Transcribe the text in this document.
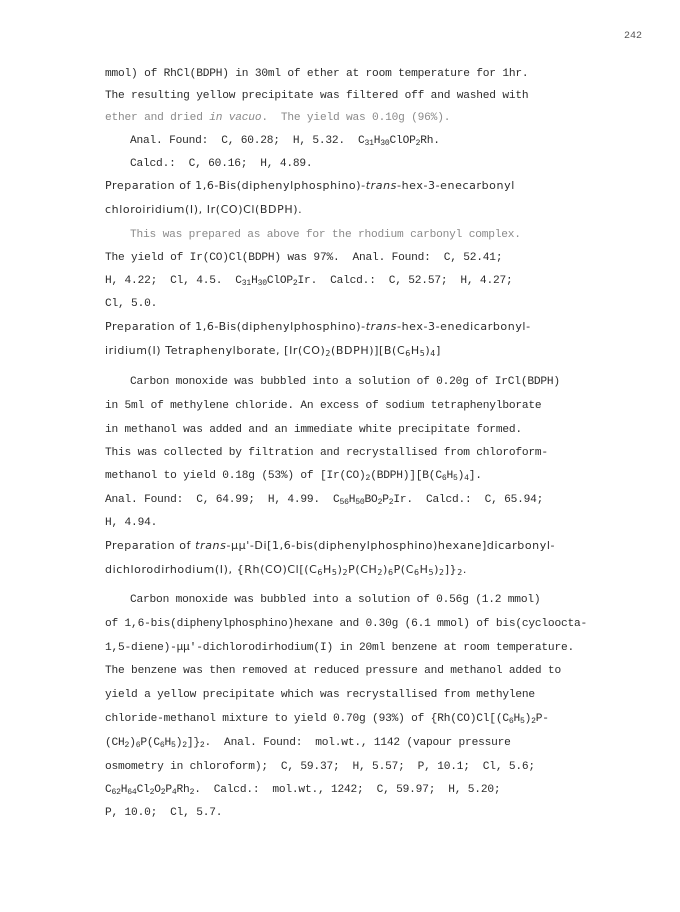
242
mmol) of RhCl(BDPH) in 30ml of ether at room temperature for 1hr.
The resulting yellow precipitate was filtered off and washed with
ether and dried in vacuo.  The yield was 0.10g (96%).
Anal. Found:  C, 60.28;  H, 5.32.  $C_{31}H_{30}ClOP_2Rh$.
Calcd.:  C, 60.16;  H, 4.89.
Preparation of 1,6-Bis(diphenylphosphino)-trans-hex-3-enecarbonyl
chloroiridium(I), Ir(CO)Cl(BDPH).
This was prepared as above for the rhodium carbonyl complex.
The yield of Ir(CO)Cl(BDPH) was 97%.  Anal. Found:  C, 52.41;
H, 4.22;  Cl, 4.5.  $C_{31}H_{30}ClOP_2Ir$.  Calcd.:  C, 52.57;  H, 4.27;
Cl, 5.0.
Preparation of 1,6-Bis(diphenylphosphino)-trans-hex-3-enedicarbonyl-
iridium(I) Tetraphenylborate, $[Ir(CO)_2(BDPH)][B(C_6H_5)_4]$
Carbon monoxide was bubbled into a solution of 0.20g of IrCl(BDPH)
in 5ml of methylene chloride. An excess of sodium tetraphenylborate
in methanol was added and an immediate white precipitate formed.
This was collected by filtration and recrystallised from chloroform-
methanol to yield 0.18g (53%) of $[Ir(CO)_2(BDPH)][B(C_6H_5)_4]$.
Anal. Found:  C, 64.99;  H, 4.99.  $C_{56}H_{50}BO_2P_2Ir$.  Calcd.:  C, 65.94;
H, 4.94.
Preparation of trans-μμ'-Di[1,6-bis(diphenylphosphino)hexane]dicarbonyl-
dichlorodirhodium(I), $\{Rh(CO)Cl[(C_6H_5)_2P(CH_2)_6P(C_6H_5)_2]\}_2$.
Carbon monoxide was bubbled into a solution of 0.56g (1.2 mmol)
of 1,6-bis(diphenylphosphino)hexane and 0.30g (6.1 mmol) of bis(cycloocta-
1,5-diene)-μμ'-dichlorodirhodium(I) in 20ml benzene at room temperature.
The benzene was then removed at reduced pressure and methanol added to
yield a yellow precipitate which was recrystallised from methylene
chloride-methanol mixture to yield 0.70g (93%) of {$Rh(CO)Cl[(C_6H_5)_2P-$
$(CH_2)_6P(C_6H_5)_2]\}_2$.  Anal. Found:  mol.wt., 1142 (vapour pressure
osmometry in chloroform);  C, 59.37;  H, 5.57;  P, 10.1;  Cl, 5.6;
$C_{62}H_{64}Cl_2O_2P_4Rh_2$.  Calcd.:  mol.wt., 1242;  C, 59.97;  H, 5.20;
P, 10.0;  Cl, 5.7.
